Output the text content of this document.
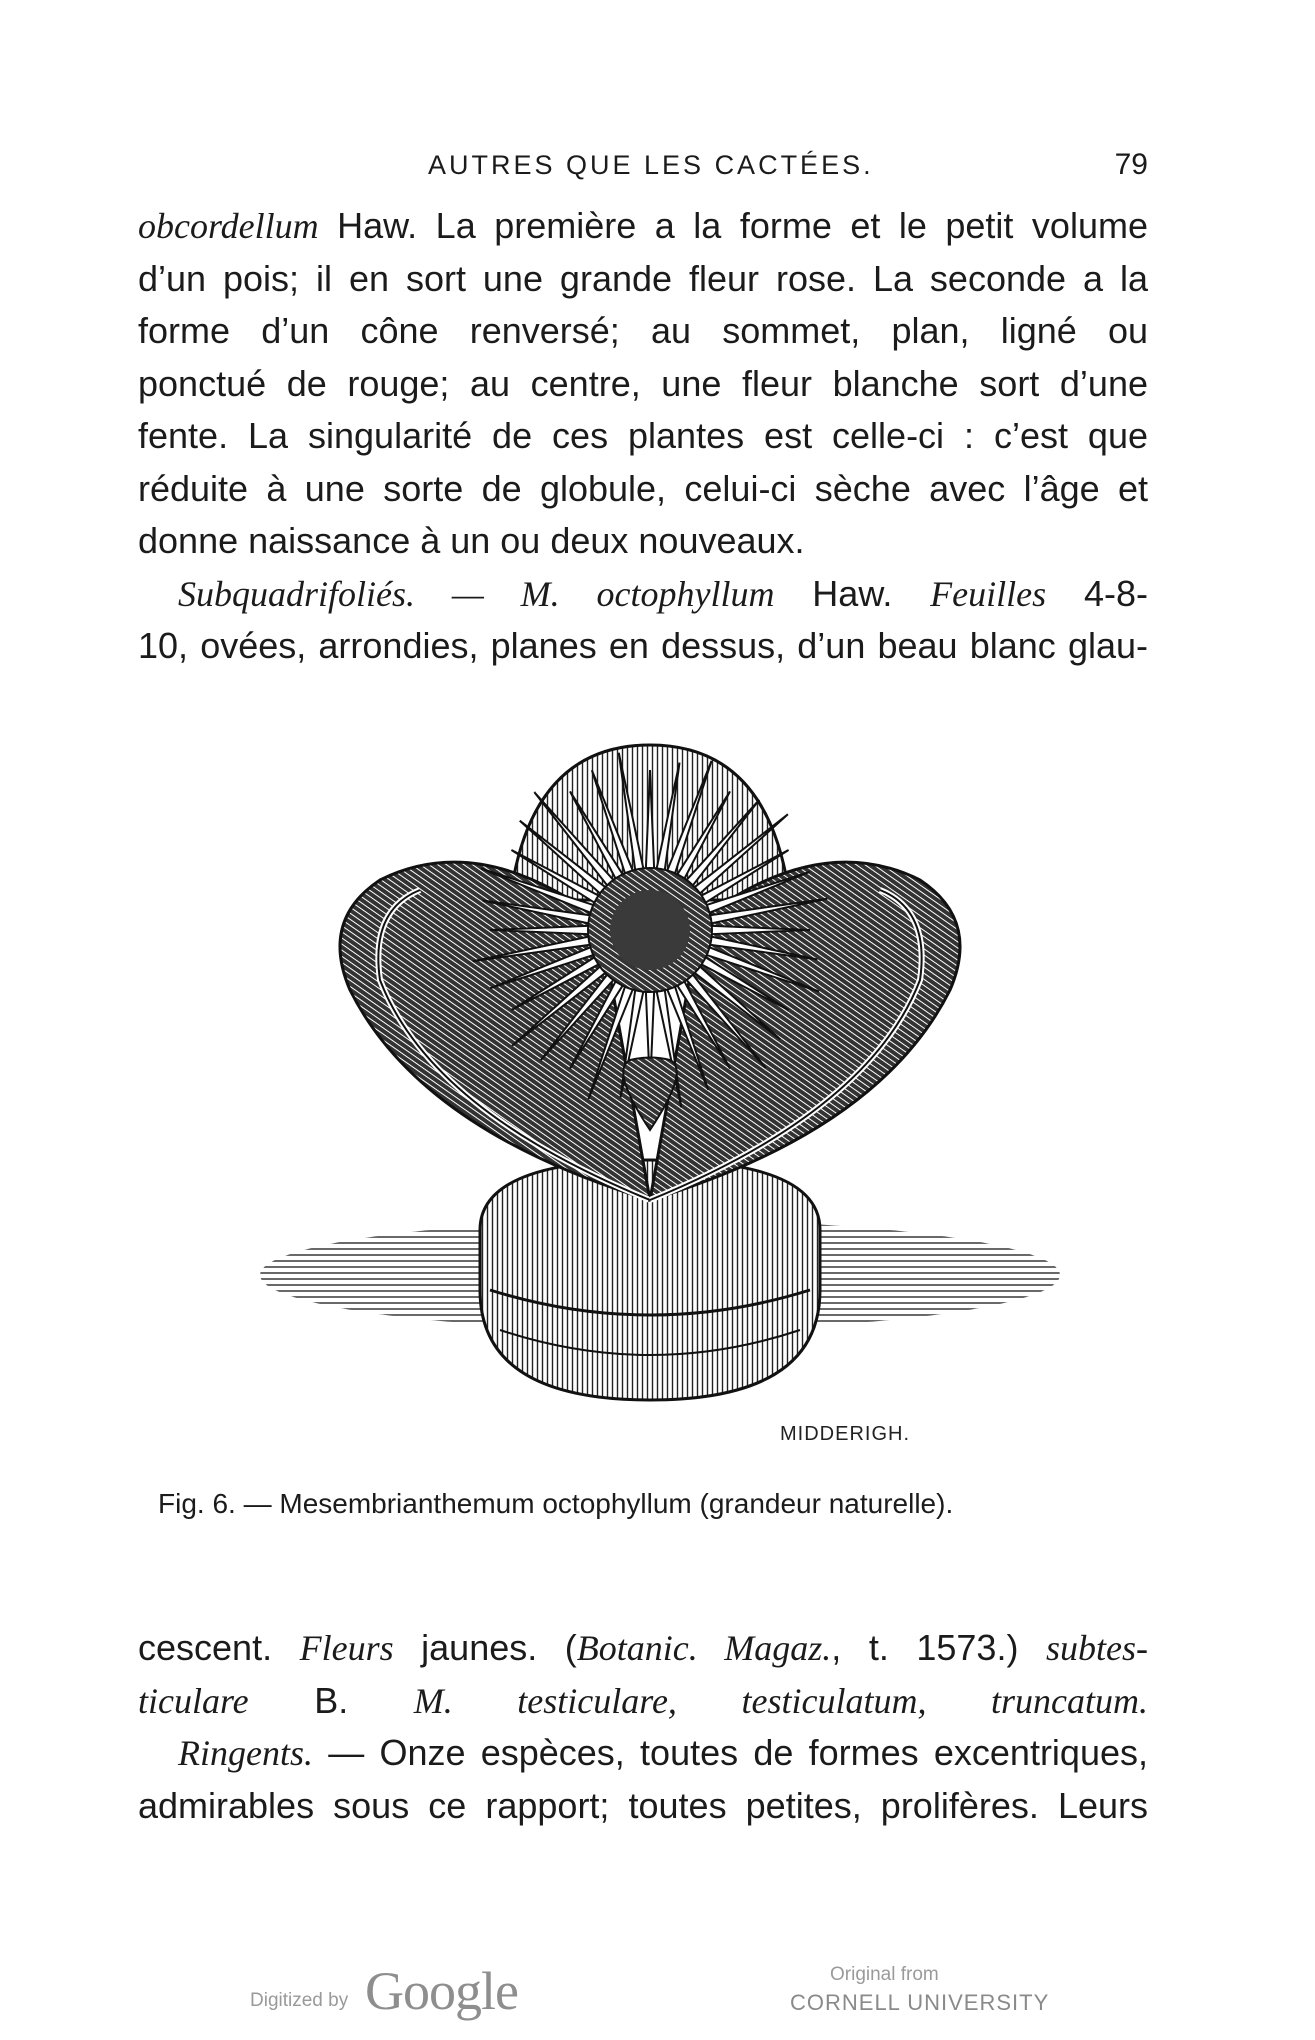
AUTRES QUE LES CACTÉES.	79
obcordellum Haw. La première a la forme et le petit volume
d’un pois; il en sort une grande fleur rose. La seconde a la
forme d’un cône renversé; au sommet, plan, ligné ou
ponctué de rouge; au centre, une fleur blanche sort d’une
fente. La singularité de ces plantes est celle-ci : c’est que
réduite à une sorte de globule, celui-ci sèche avec l’âge et
donne naissance à un ou deux nouveaux.
Subquadrifoliés. — M. octophyllum Haw. Feuilles 4-8-
10, ovées, arrondies, planes en dessus, d’un beau blanc glau-
MIDDERIGH.
Fig. 6. — Mesembrianthemum octophyllum (grandeur naturelle).
cescent. Fleurs jaunes. (Botanic. Magaz., t. 1573.) subtes-
ticulare B. M. testiculare, testiculatum, truncatum.
Ringents. — Onze espèces, toutes de formes excentriques,
admirables sous ce rapport; toutes petites, prolifères. Leurs
Digitized by Google	Original from
CORNELL UNIVERSITY
